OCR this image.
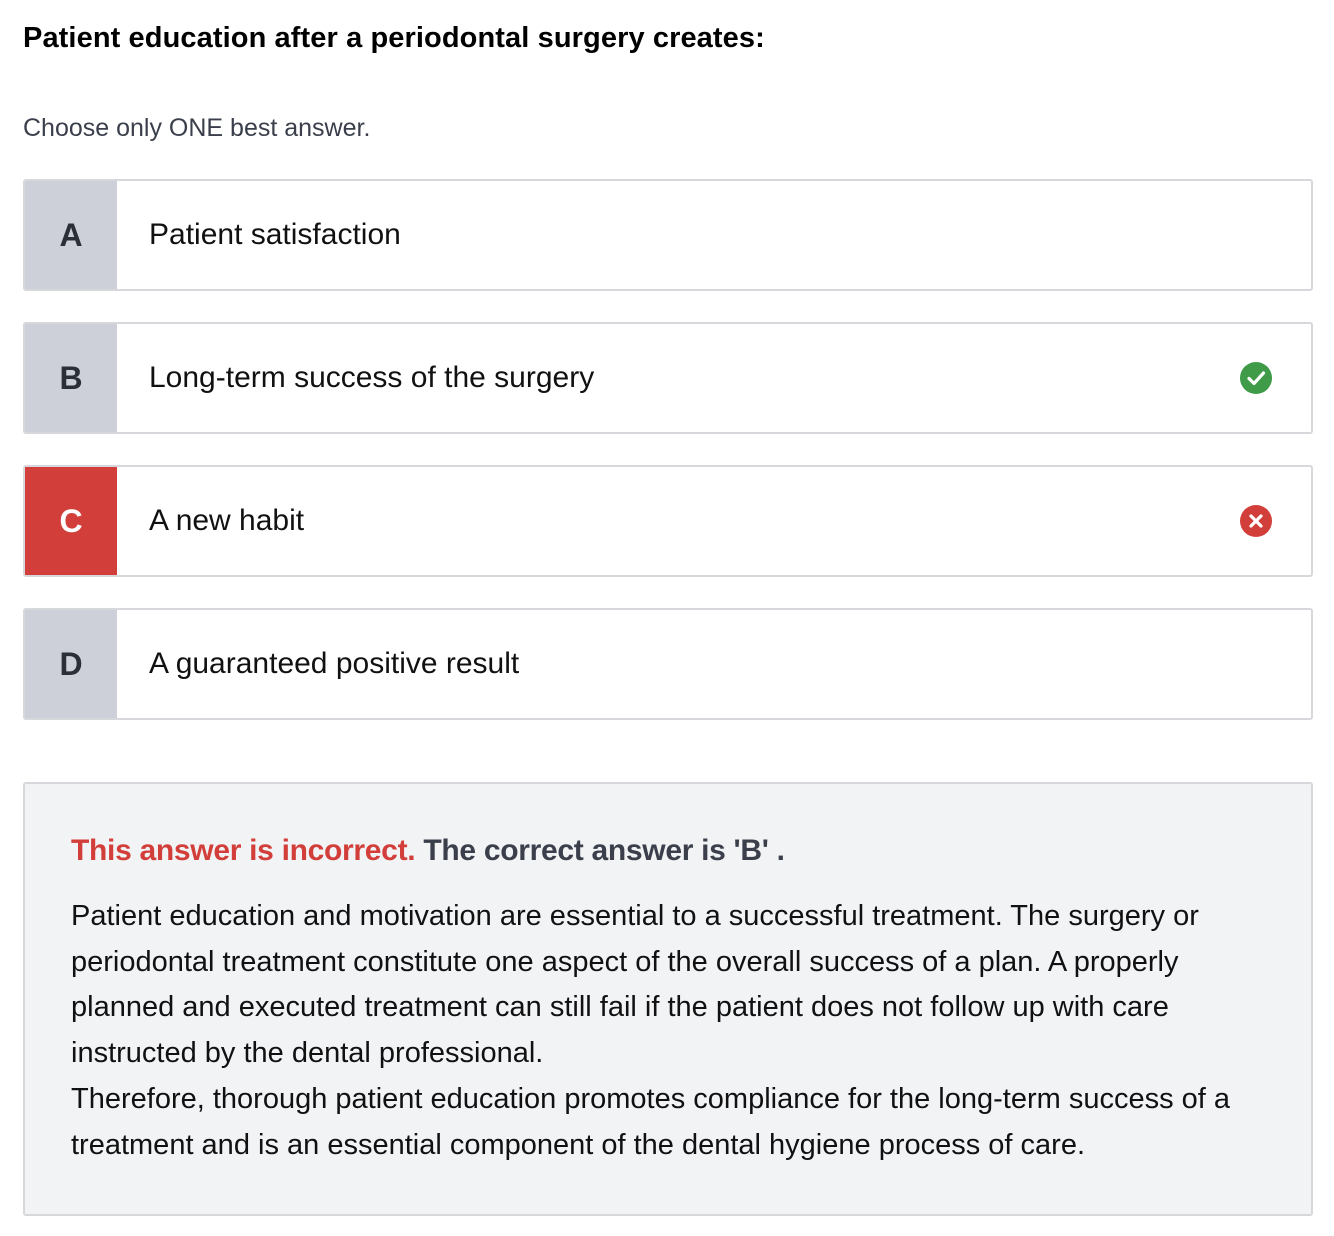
Patient education after a periodontal surgery creates:
Choose only ONE best answer.
A	Patient satisfaction
B	Long-term success of the surgery
C	A new habit
D	A guaranteed positive result
This answer is incorrect. The correct answer is 'B' .

Patient education and motivation are essential to a successful treatment. The surgery or periodontal treatment constitute one aspect of the overall success of a plan. A properly planned and executed treatment can still fail if the patient does not follow up with care instructed by the dental professional.

Therefore, thorough patient education promotes compliance for the long-term success of a treatment and is an essential component of the dental hygiene process of care.
